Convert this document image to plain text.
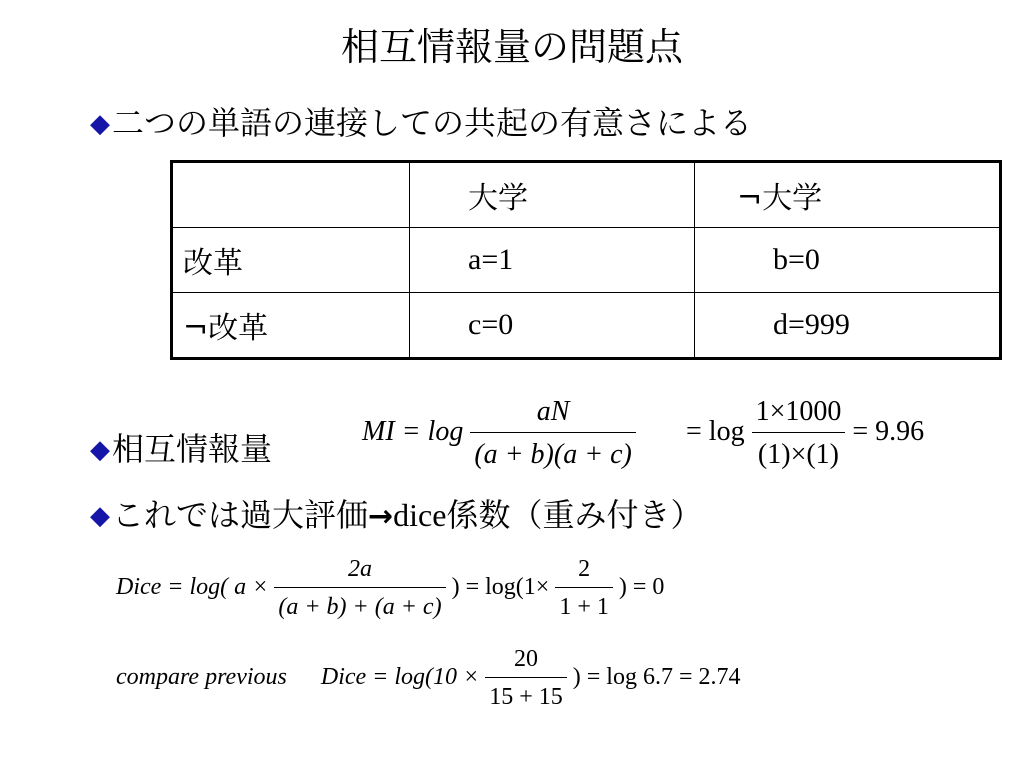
相互情報量の問題点
◆二つの単語の連接しての共起の有意さによる
	大学	¬大学
改革	a=1	b=0
¬改革	c=0	d=999
◆相互情報量	MI = $\log \frac{aN}{(a + b)(a + c)} = \log \frac{1\times 1000}{(1)\times(1)} = 9.96$
◆これでは過大評価→dice係数（重み付き）
Dice = log( $a \times \frac{2a}{(a + b) + (a + c)}$ ) = $\log(1\times \frac{2}{1 + 1}$ ) = 0
compare previous Dice = $\log(10 \times \frac{20}{15 + 15}$ ) = log 6.7 = 2.74
